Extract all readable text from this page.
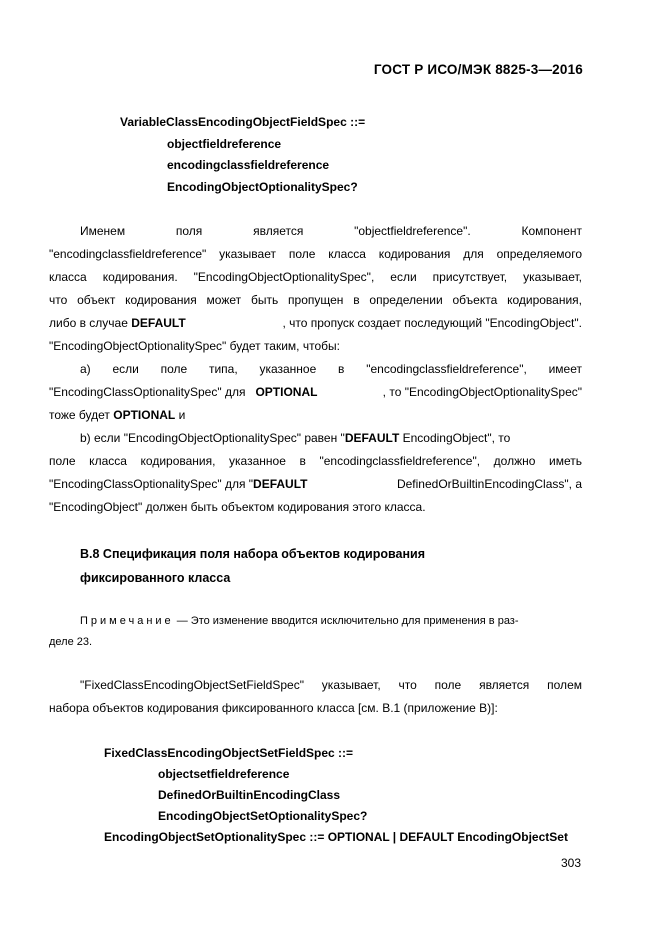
ГОСТ Р ИСО/МЭК 8825-3—2016
VariableClassEncodingObjectFieldSpec ::=
objectfieldreference
encodingclassfieldreference
EncodingObjectOptionalitySpec?
Именем	поля	является	"objectfieldreference".	Компонент
"encodingclassfieldreference" указывает поле класса кодирования для определяемого
класса кодирования. "EncodingObjectOptionalitySpec", если присутствует, указывает,
что объект кодирования может быть пропущен в определении объекта кодирования,
либо в случае DEFAULT	, что пропуск создает последующий "EncodingObject".
"EncodingObjectOptionalitySpec" будет таким, чтобы:
а) если поле типа, указанное в "encodingclassfieldreference", имеет
"EncodingClassOptionalitySpec" для OPTIONAL	, то "EncodingObjectOptionalitySpec"
тоже будет OPTIONAL и
b) если "EncodingObjectOptionalitySpec" равен "DEFAULT EncodingObject", то
поле класса кодирования, указанное в "encodingclassfieldreference", должно иметь
"EncodingClassOptionalitySpec" для "DEFAULT	DefinedOrBuiltinEncodingClass", а
"EncodingObject" должен быть объектом кодирования этого класса.
B.8 Спецификация поля набора объектов кодирования
фиксированного класса
Примечание — Это изменение вводится исключительно для применения в раз-
деле 23.
"FixedClassEncodingObjectSetFieldSpec" указывает, что поле является полем
набора объектов кодирования фиксированного класса [см. B.1 (приложение B)]:
FixedClassEncodingObjectSetFieldSpec ::=
objectsetfieldreference
DefinedOrBuiltinEncodingClass
EncodingObjectSetOptionalitySpec?
EncodingObjectSetOptionalitySpec ::= OPTIONAL | DEFAULT EncodingObjectSet
303
